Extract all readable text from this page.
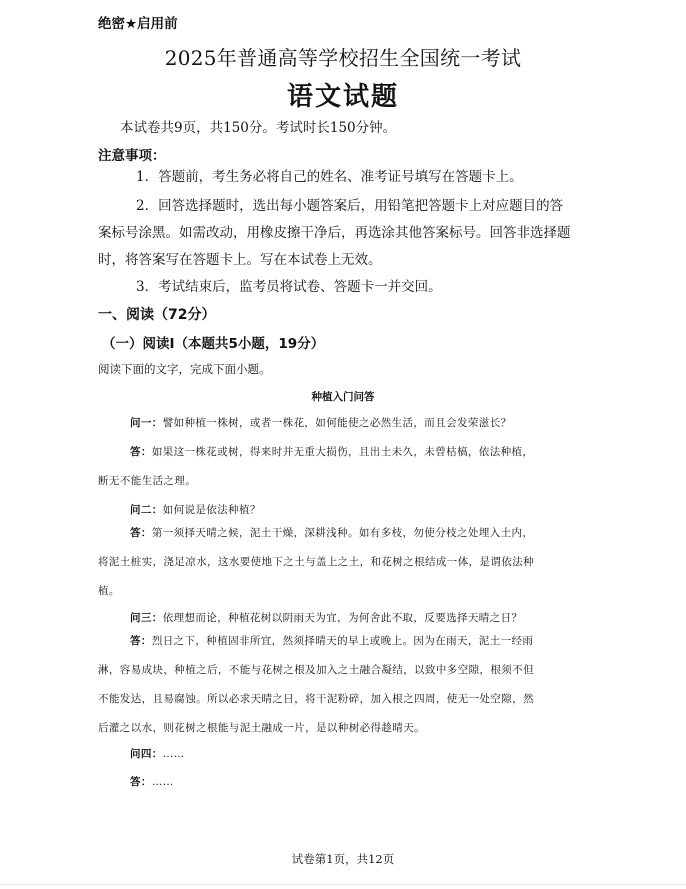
绝密★启用前
2025年普通高等学校招生全国统一考试
语文试题
本试卷共9页，共150分。考试时长150分钟。
注意事项：
1．答题前，考生务必将自己的姓名、准考证号填写在答题卡上。
2．回答选择题时，选出每小题答案后，用铅笔把答题卡上对应题目的答
案标号涂黑。如需改动，用橡皮擦干净后，再选涂其他答案标号。回答非选择题
时，将答案写在答题卡上。写在本试卷上无效。
3．考试结束后，监考员将试卷、答题卡一并交回。
一、阅读（72分）
（一）阅读Ⅰ（本题共5小题，19分）
阅读下面的文字，完成下面小题。
种植入门问答
问一：譬如种植一株树，或者一株花，如何能使之必然生活，而且会发荣滋长？
答：如果这一株花或树，得来时并无重大损伤，且出土未久，未曾枯槁，依法种植，
断无不能生活之理。
问二：如何说是依法种植？
答：第一须择天晴之候，泥土干燥，深耕浅种。如有多枝，勿使分枝之处埋入土内，
将泥土桩实，浇足凉水，这水要使地下之土与盖上之土，和花树之根结成一体，是谓依法种
植。
问三：依理想而论，种植花树以阴雨天为宜，为何舍此不取，反要选择天晴之日？
答：烈日之下，种植固非所宜，然须择晴天的早上或晚上。因为在雨天，泥土一经雨
淋，容易成块，种植之后，不能与花树之根及加入之土融合凝结，以致中多空隙，根须不但
不能发达，且易腐蚀。所以必求天晴之日，将干泥粉碎，加入根之四周，使无一处空隙，然
后灌之以水，则花树之根能与泥土融成一片，是以种树必得趁晴天。
问四：……
答：……
试卷第1页，共12页
